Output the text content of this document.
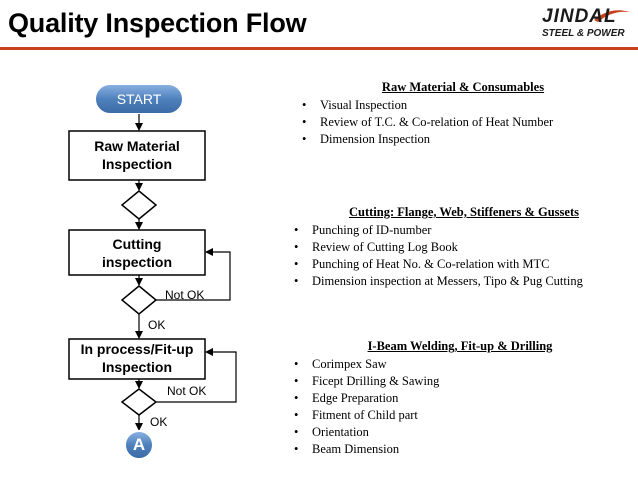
Quality Inspection Flow	JINDAL
STEEL & POWER
START
Raw Material Inspection
Cutting inspection
In process/Fit-up Inspection
Not OK
OK
Not OK
OK
A
Raw Material & Consumables
• Visual Inspection
• Review of T.C. & Co-relation of Heat Number
• Dimension Inspection
Cutting: Flange, Web, Stiffeners & Gussets
• Punching of ID-number
• Review of Cutting Log Book
• Punching of Heat No. & Co-relation with MTC
• Dimension inspection at Messers, Tipo & Pug Cutting
I-Beam Welding, Fit-up & Drilling
• Corimpex Saw
• Ficept Drilling & Sawing
• Edge Preparation
• Fitment of Child part
• Orientation
• Beam Dimension
